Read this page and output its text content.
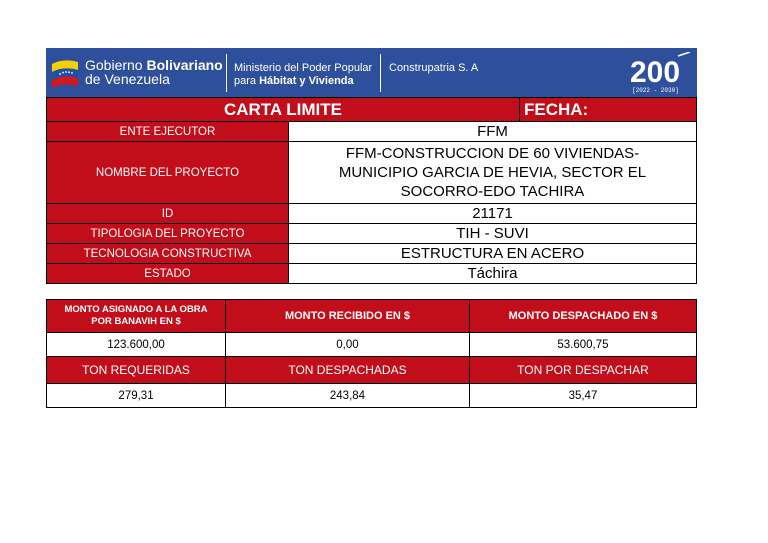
Gobierno Bolivariano
de Venezuela
Ministerio del Poder Popular
para Hábitat y Vivienda
Construpatria S. A	200
[2022 - 2030]
CARTA LIMITE		FECHA:
ENTE EJECUTOR	FFM	
NOMBRE DEL PROYECTO	FFM-CONSTRUCCION DE 60 VIVIENDAS-MUNICIPIO GARCIA DE HEVIA, SECTOR EL SOCORRO-EDO TACHIRA	
ID	21171	
TIPOLOGIA DEL PROYECTO	TIH - SUVI	
TECNOLOGIA CONSTRUCTIVA	ESTRUCTURA EN ACERO	
ESTADO	Táchira	
MONTO ASIGNADO A LA OBRA POR BANAVIH EN $	MONTO RECIBIDO EN $	MONTO DESPACHADO EN $
123.600,00	0,00	53.600,75
TON REQUERIDAS	TON DESPACHADAS	TON POR DESPACHAR
279,31	243,84	35,47
